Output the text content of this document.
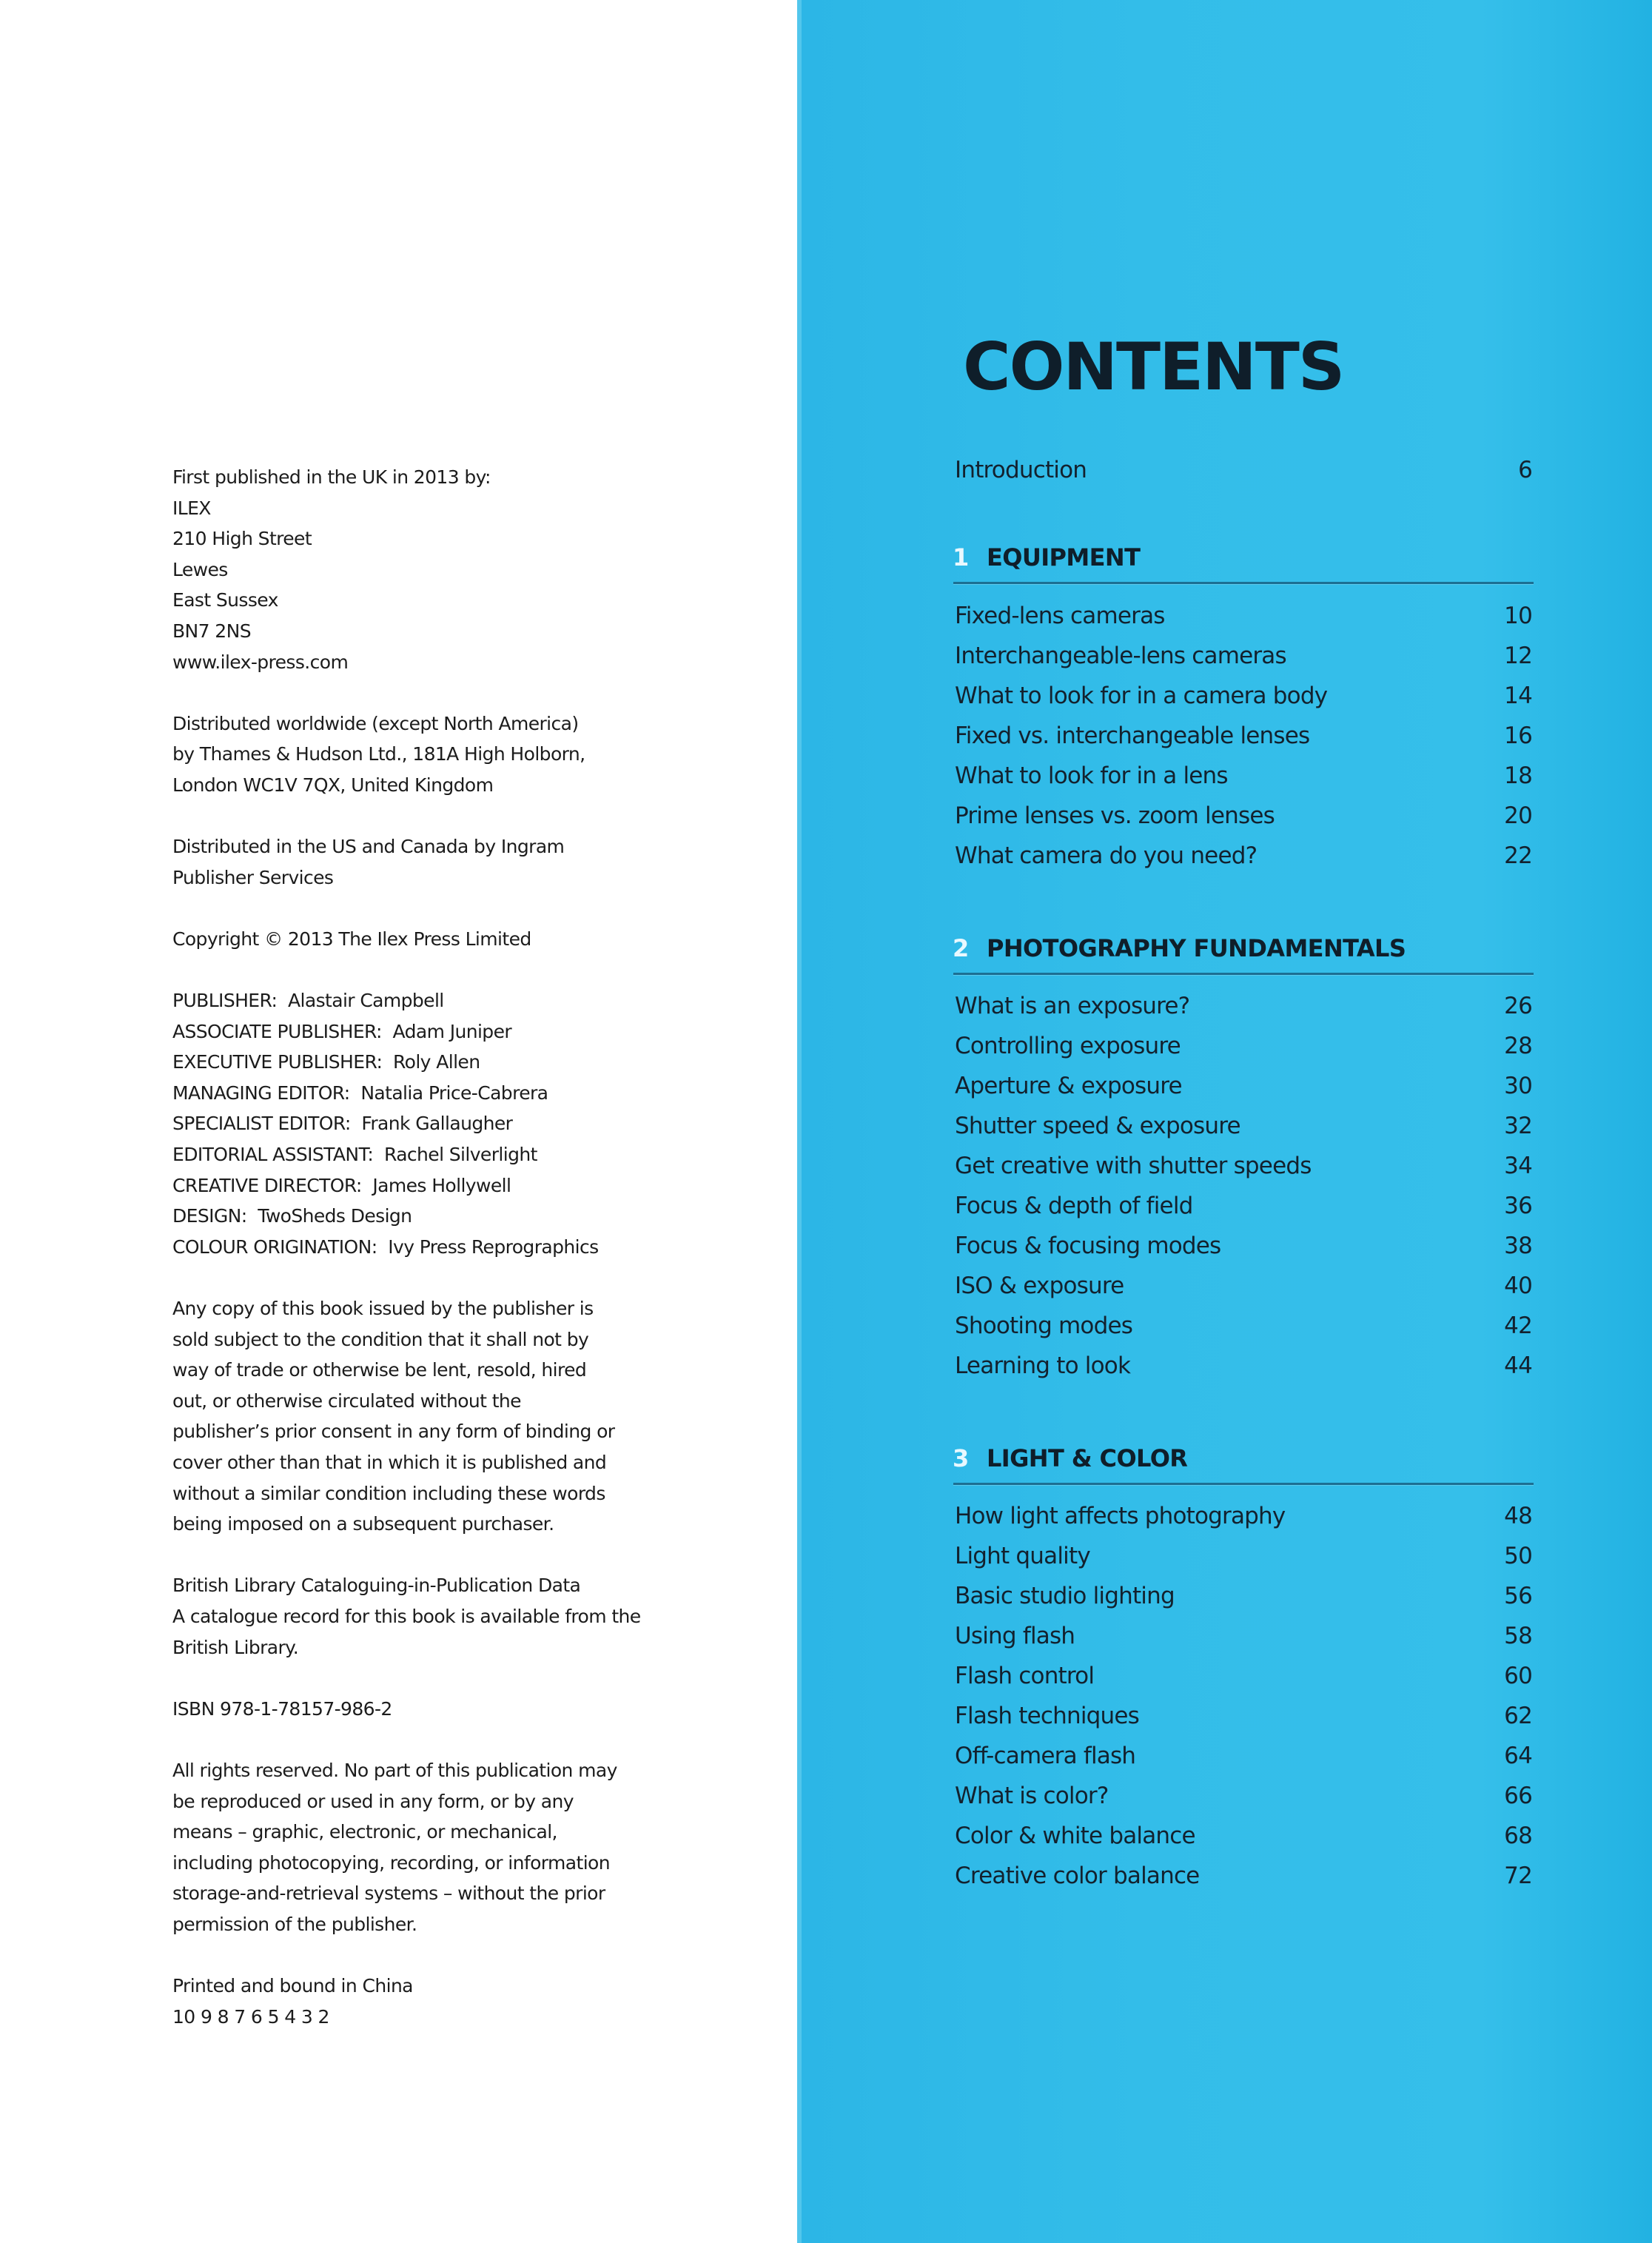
First published in the UK in 2013 by:
ILEX
210 High Street
Lewes
East Sussex
BN7 2NS
www.ilex-press.com
Distributed worldwide (except North America)
by Thames & Hudson Ltd., 181A High Holborn,
London WC1V 7QX, United Kingdom
Distributed in the US and Canada by Ingram
Publisher Services
Copyright © 2013 The Ilex Press Limited
PUBLISHER: Alastair Campbell
ASSOCIATE PUBLISHER: Adam Juniper
EXECUTIVE PUBLISHER: Roly Allen
MANAGING EDITOR: Natalia Price-Cabrera
SPECIALIST EDITOR: Frank Gallaugher
EDITORIAL ASSISTANT: Rachel Silverlight
CREATIVE DIRECTOR: James Hollywell
DESIGN: TwoSheds Design
COLOUR ORIGINATION: Ivy Press Reprographics
Any copy of this book issued by the publisher is
sold subject to the condition that it shall not by
way of trade or otherwise be lent, resold, hired
out, or otherwise circulated without the
publisher’s prior consent in any form of binding or
cover other than that in which it is published and
without a similar condition including these words
being imposed on a subsequent purchaser.
British Library Cataloguing-in-Publication Data
A catalogue record for this book is available from the
British Library.
ISBN 978-1-78157-986-2
All rights reserved. No part of this publication may
be reproduced or used in any form, or by any
means – graphic, electronic, or mechanical,
including photocopying, recording, or information
storage-and-retrieval systems – without the prior
permission of the publisher.
Printed and bound in China
10 9 8 7 6 5 4 3 2
CONTENTS
Introduction	6
1 EQUIPMENT
Fixed-lens cameras	10
Interchangeable-lens cameras	12
What to look for in a camera body	14
Fixed vs. interchangeable lenses	16
What to look for in a lens	18
Prime lenses vs. zoom lenses	20
What camera do you need?	22
2 PHOTOGRAPHY FUNDAMENTALS
What is an exposure?	26
Controlling exposure	28
Aperture & exposure	30
Shutter speed & exposure	32
Get creative with shutter speeds	34
Focus & depth of field	36
Focus & focusing modes	38
ISO & exposure	40
Shooting modes	42
Learning to look	44
3 LIGHT & COLOR
How light affects photography	48
Light quality	50
Basic studio lighting	56
Using flash	58
Flash control	60
Flash techniques	62
Off-camera flash	64
What is color?	66
Color & white balance	68
Creative color balance	72
